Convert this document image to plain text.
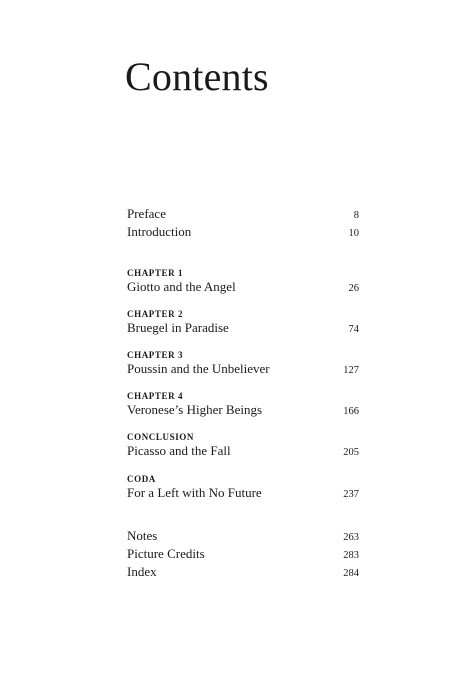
Contents
Preface	8
Introduction	10
CHAPTER 1
Giotto and the Angel	26
CHAPTER 2
Bruegel in Paradise	74
CHAPTER 3
Poussin and the Unbeliever	127
CHAPTER 4
Veronese’s Higher Beings	166
CONCLUSION
Picasso and the Fall	205
CODA
For a Left with No Future	237
Notes	263
Picture Credits	283
Index	284
